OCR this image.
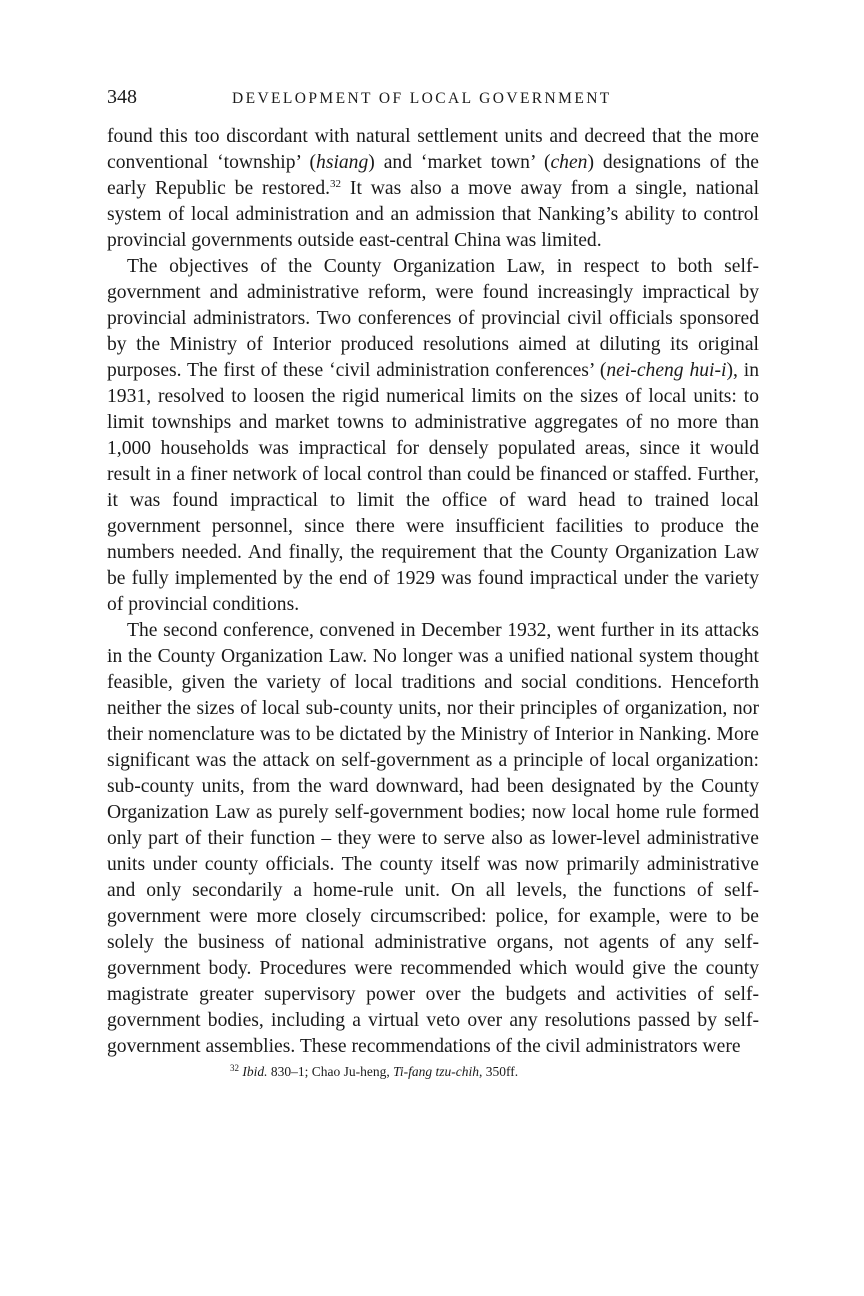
348	DEVELOPMENT OF LOCAL GOVERNMENT

found this too discordant with natural settlement units and decreed that the more conventional ‘township’ (hsiang) and ‘market town’ (chen) designations of the early Republic be restored.$^{32}$ It was also a move away from a single, national system of local administration and an admission that Nanking’s ability to control provincial governments outside east-central China was limited.

The objectives of the County Organization Law, in respect to both self-government and administrative reform, were found increasingly impractical by provincial administrators. Two conferences of provincial civil officials sponsored by the Ministry of Interior produced resolutions aimed at diluting its original purposes. The first of these ‘civil administration conferences’ (nei-cheng hui-i), in 1931, resolved to loosen the rigid numerical limits on the sizes of local units: to limit townships and market towns to administrative aggregates of no more than 1,000 households was impractical for densely populated areas, since it would result in a finer network of local control than could be financed or staffed. Further, it was found impractical to limit the office of ward head to trained local government personnel, since there were insufficient facilities to produce the numbers needed. And finally, the requirement that the County Organization Law be fully implemented by the end of 1929 was found impractical under the variety of provincial conditions.

The second conference, convened in December 1932, went further in its attacks in the County Organization Law. No longer was a unified national system thought feasible, given the variety of local traditions and social conditions. Henceforth neither the sizes of local sub-county units, nor their principles of organization, nor their nomenclature was to be dictated by the Ministry of Interior in Nanking. More significant was the attack on self-government as a principle of local organization: sub-county units, from the ward downward, had been designated by the County Organization Law as purely self-government bodies; now local home rule formed only part of their function – they were to serve also as lower-level administrative units under county officials. The county itself was now primarily administrative and only secondarily a home-rule unit. On all levels, the functions of self-government were more closely circumscribed: police, for example, were to be solely the business of national administrative organs, not agents of any self-government body. Procedures were recommended which would give the county magistrate greater supervisory power over the budgets and activities of self-government bodies, including a virtual veto over any resolutions passed by self-government assemblies. These recommendations of the civil administrators were

$^{32}$ Ibid. 830–1; Chao Ju-heng, Ti-fang tzu-chih, 350ff.
